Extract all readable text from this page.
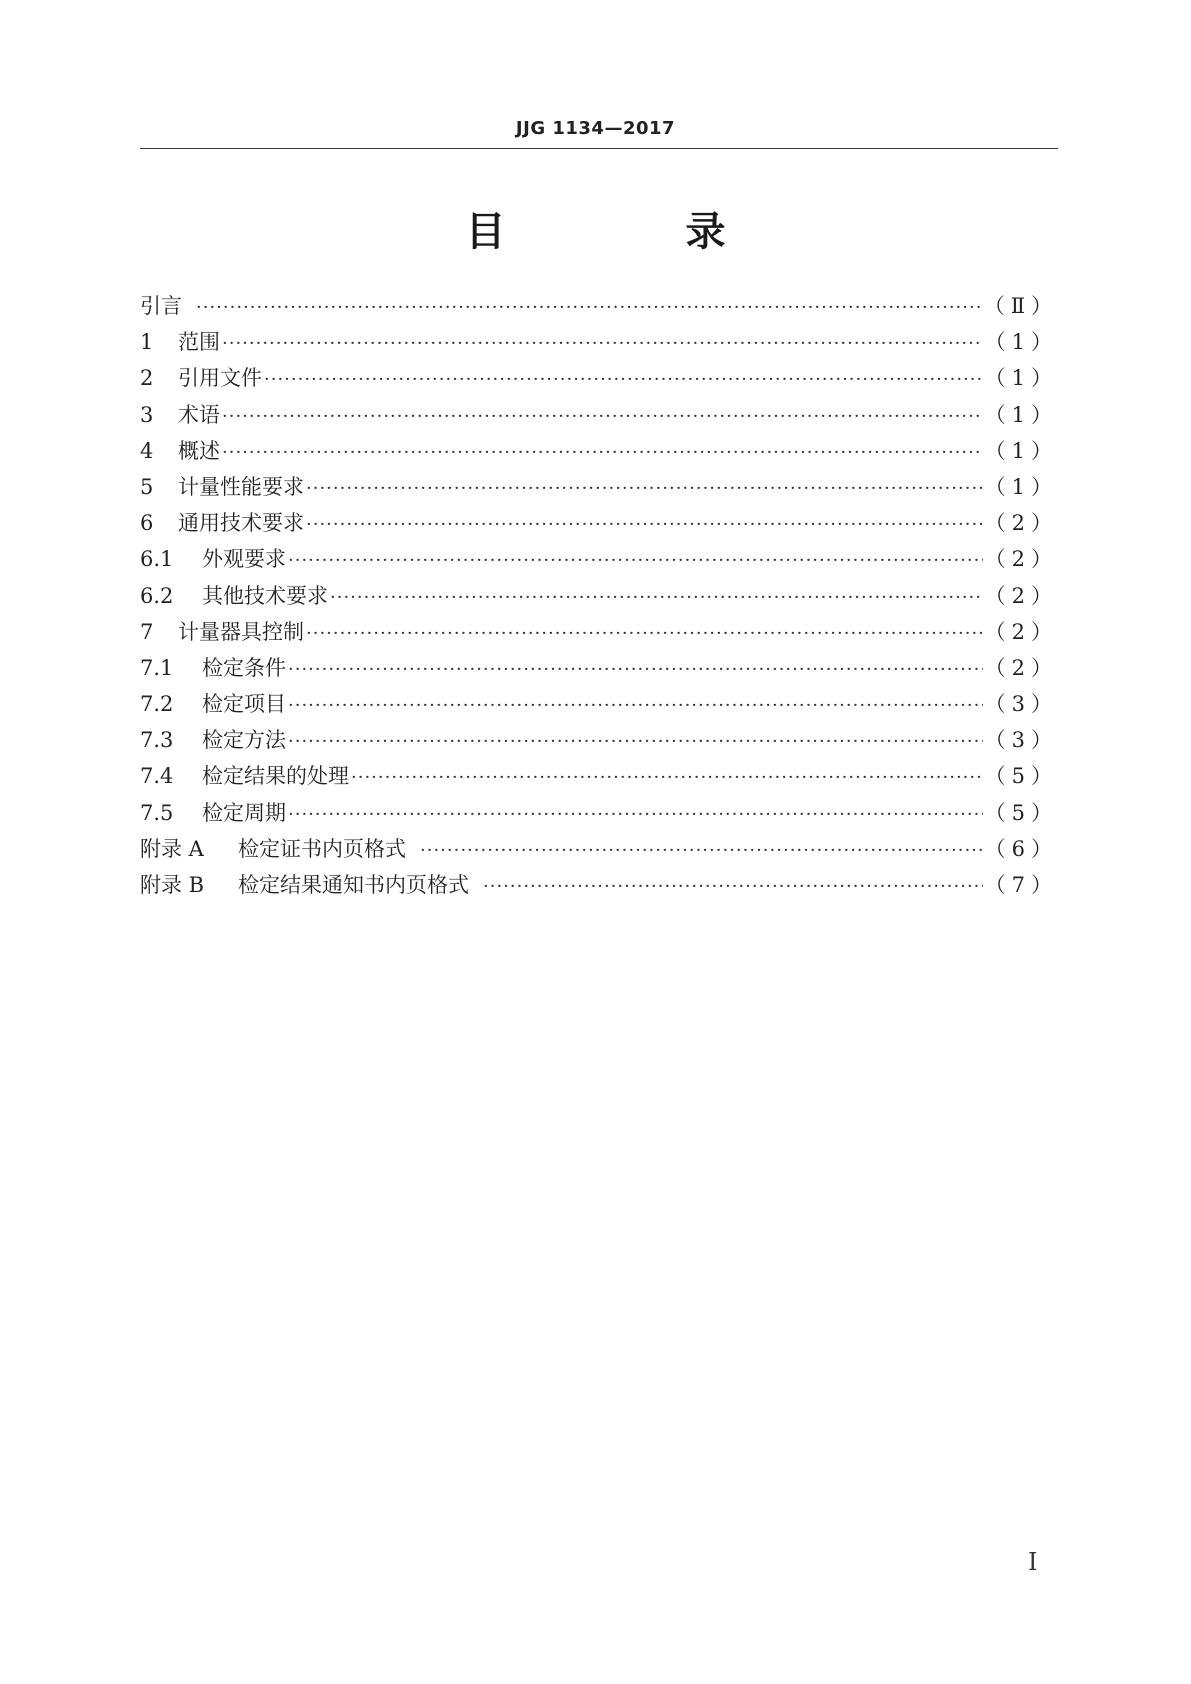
JJG 1134—2017
目　录
引言 ·····	（Ⅱ）
1	范围 ·····	（1）
2	引用文件 ·····	（1）
3	术语 ·····	（1）
4	概述 ·····	（1）
5	计量性能要求 ·····	（1）
6	通用技术要求 ·····	（2）
6.1	外观要求 ·····	（2）
6.2	其他技术要求 ·····	（2）
7	计量器具控制 ·····	（2）
7.1	检定条件 ·····	（2）
7.2	检定项目 ·····	（3）
7.3	检定方法 ·····	（3）
7.4	检定结果的处理 ·····	（5）
7.5	检定周期 ·····	（5）
附录 A	检定证书内页格式 ·····	（6）
附录 B	检定结果通知书内页格式 ·····	（7）
Ⅰ
